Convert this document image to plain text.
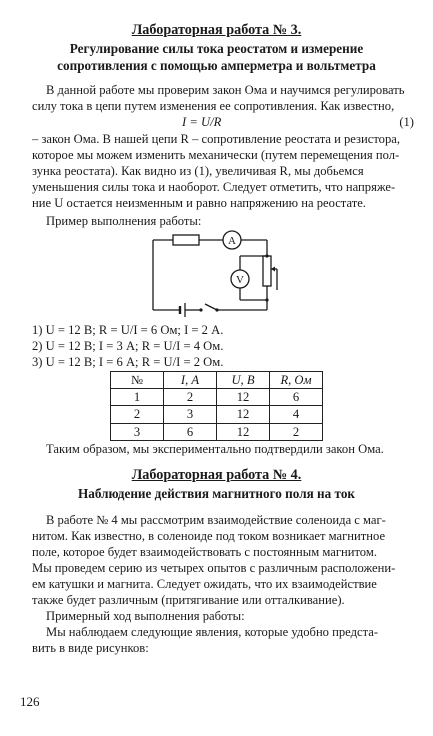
Лабораторная работа № 3.
Регулирование силы тока реостатом и измерение
сопротивления с помощью амперметра и вольтметра
В данной работе мы проверим закон Ома и научимся регулировать
силу тока в цепи путем изменения ее сопротивления. Как известно,
I = U/R	(1)
– закон Ома. В нашей цепи R – сопротивление реостата и резистора,
которое мы можем изменить механически (путем перемещения пол-
зунка реостата). Как видно из (1), увеличивая R, мы добьемся
уменьшения силы тока и наоборот. Следует отметить, что напряже-
ние U остается неизменным и равно напряжению на реостате.
Пример выполнения работы:
A
V
1) U = 12 В; R = U/I = 6 Ом; I = 2 А.
2) U = 12 В; I = 3 А; R = U/I = 4 Ом.
3) U = 12 В; I = 6 А; R = U/I = 2 Ом.
№	I, А	U, В	R, Ом
1	2	12	6
2	3	12	4
3	6	12	2
Таким образом, мы экспериментально подтвердили закон Ома.
Лабораторная работа № 4.
Наблюдение действия магнитного поля на ток
В работе № 4 мы рассмотрим взаимодействие соленоида с маг-
нитом. Как известно, в соленоиде под током возникает магнитное
поле, которое будет взаимодействовать с постоянным магнитом.
Мы проведем серию из четырех опытов с различным расположени-
ем катушки и магнита. Следует ожидать, что их взаимодействие
также будет различным (притягивание или отталкивание).
Примерный ход выполнения работы:
Мы наблюдаем следующие явления, которые удобно предста-
вить в виде рисунков:
126
